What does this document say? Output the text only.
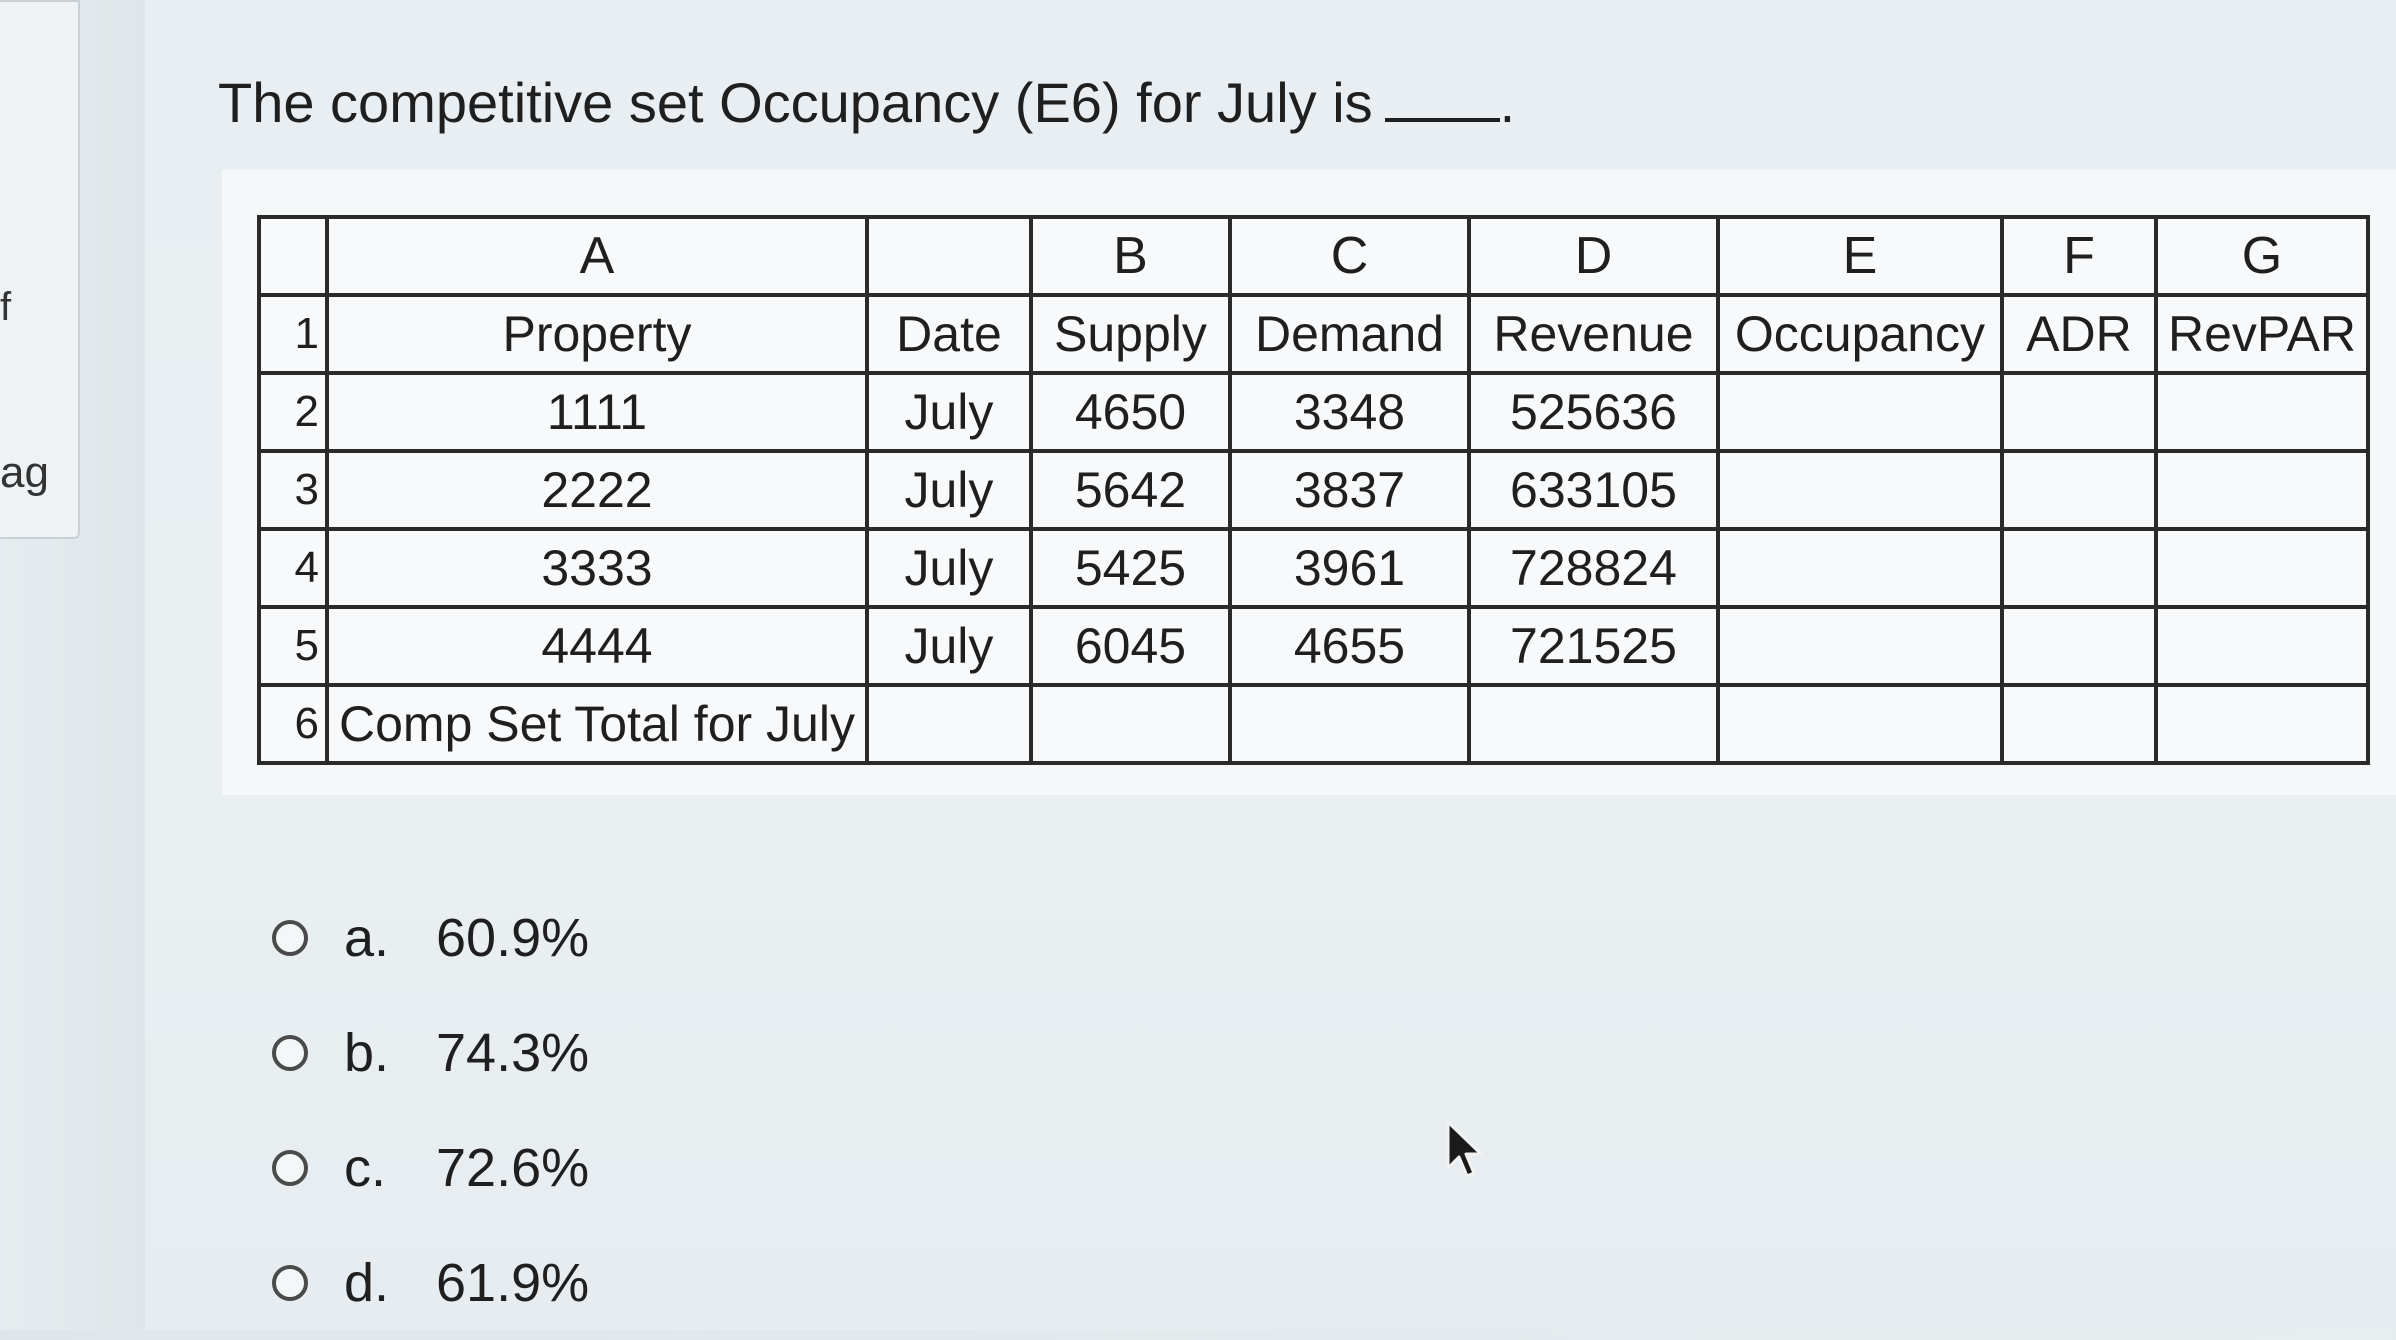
f
ag
The competitive set Occupancy (E6) for July is .
	A		B	C	D	E	F	G
1	Property	Date	Supply	Demand	Revenue	Occupancy	ADR	RevPAR
2	1111	July	4650	3348	525636			
3	2222	July	5642	3837	633105			
4	3333	July	5425	3961	728824			
5	4444	July	6045	4655	721525			
6	Comp Set Total for July							
a. 60.9%
b. 74.3%
c. 72.6%
d. 61.9%
